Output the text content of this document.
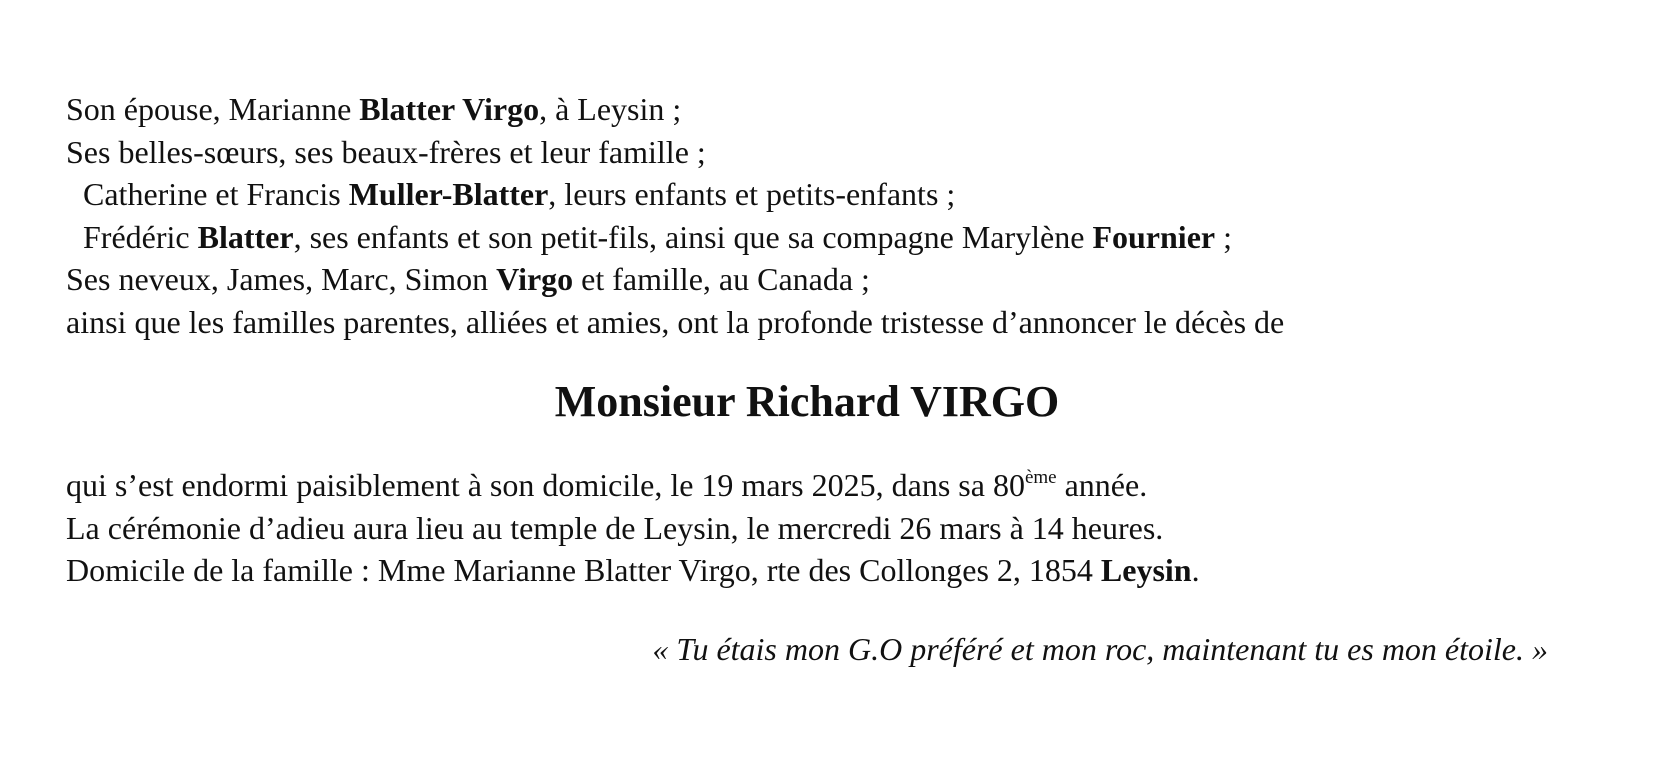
Son épouse, Marianne Blatter Virgo, à Leysin ;
Ses belles-sœurs, ses beaux-frères et leur famille ;
Catherine et Francis Muller-Blatter, leurs enfants et petits-enfants ;
Frédéric Blatter, ses enfants et son petit-fils, ainsi que sa compagne Marylène Fournier ;
Ses neveux, James, Marc, Simon Virgo et famille, au Canada ;
ainsi que les familles parentes, alliées et amies, ont la profonde tristesse d’annoncer le décès de
Monsieur Richard VIRGO
qui s’est endormi paisiblement à son domicile, le 19 mars 2025, dans sa 80ème année.
La cérémonie d’adieu aura lieu au temple de Leysin, le mercredi 26 mars à 14 heures.
Domicile de la famille : Mme Marianne Blatter Virgo, rte des Collonges 2, 1854 Leysin.
« Tu étais mon G.O préféré et mon roc, maintenant tu es mon étoile. »
